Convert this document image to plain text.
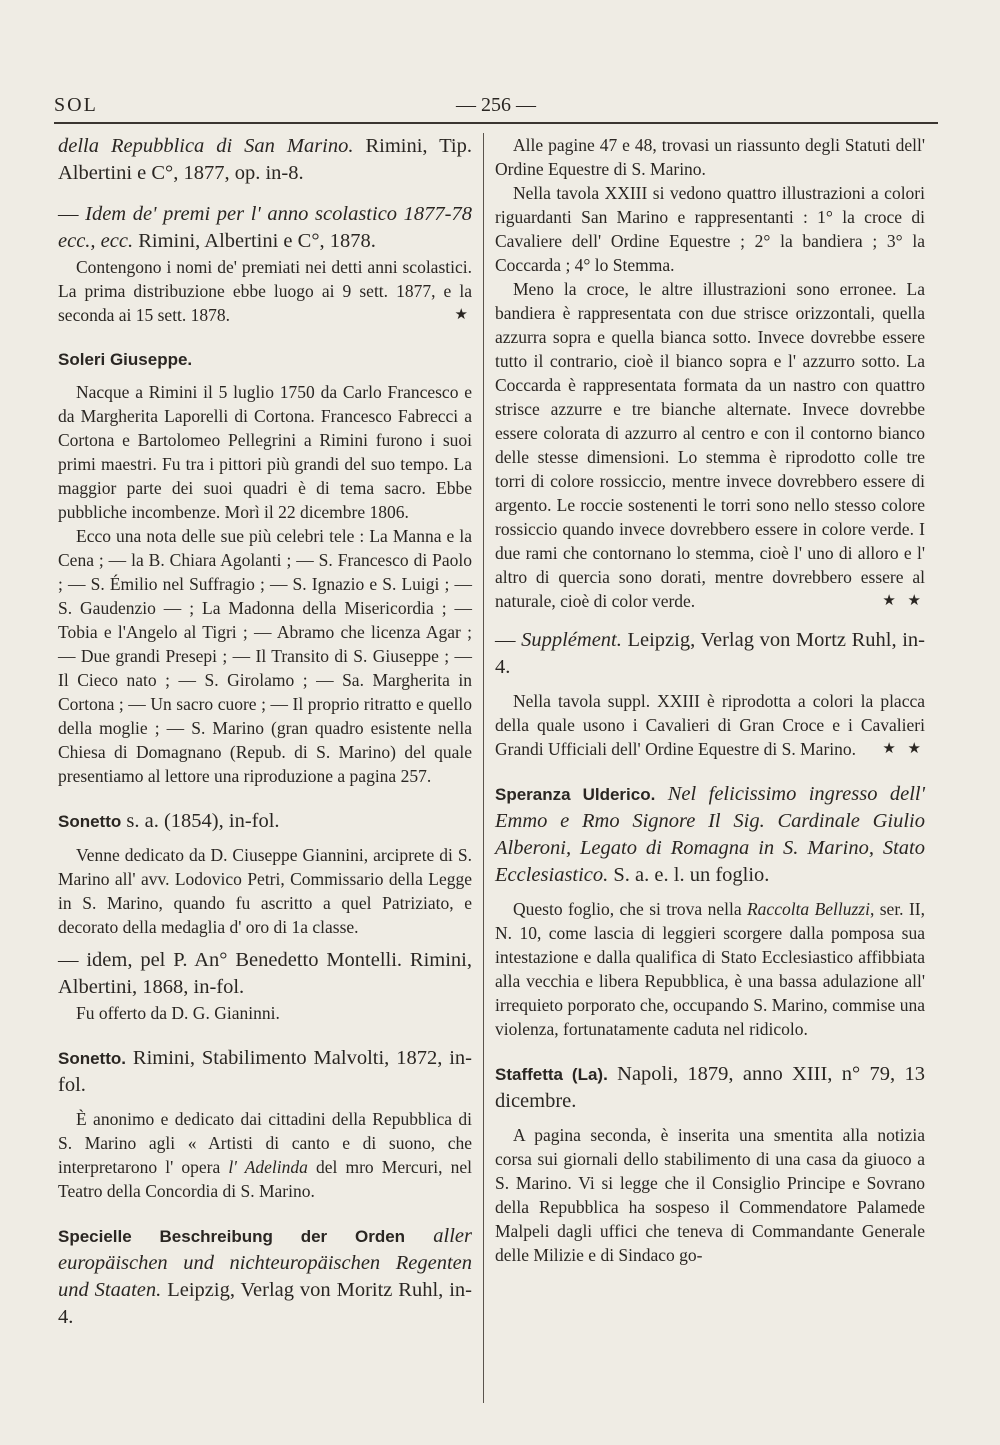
SOL	— 256 —

della Repubblica di San Marino. Rimini, Tip. Albertini e C°, 1877, op. in-8.

— Idem de' premi per l' anno scolastico 1877-78 ecc., ecc. Rimini, Albertini e C°, 1878.

Contengono i nomi de' premiati nei detti anni scolastici. La prima distribuzione ebbe luogo ai 9 sett. 1877, e la seconda ai 15 sett. 1878.	★

Soleri Giuseppe.

Nacque a Rimini il 5 luglio 1750 da Carlo Francesco e da Margherita Laporelli di Cortona. Francesco Fabrecci a Cortona e Bartolomeo Pellegrini a Rimini furono i suoi primi maestri. Fu tra i pittori più grandi del suo tempo. La maggior parte dei suoi quadri è di tema sacro. Ebbe pubbliche incombenze. Morì il 22 dicembre 1806.

Ecco una nota delle sue più celebri tele : La Manna e la Cena ; — la B. Chiara Agolanti ; — S. Francesco di Paolo ; — S. Émilio nel Suffragio ; — S. Ignazio e S. Luigi ; — S. Gaudenzio — ; La Madonna della Misericordia ; — Tobia e l'Angelo al Tigri ; — Abramo che licenza Agar ; — Due grandi Presepi ; — Il Transito di S. Giuseppe ; — Il Cieco nato ; — S. Girolamo ; — Sa. Margherita in Cortona ; — Un sacro cuore ; — Il proprio ritratto e quello della moglie ; — S. Marino (gran quadro esistente nella Chiesa di Domagnano (Repub. di S. Marino) del quale presentiamo al lettore una riproduzione a pagina 257.

Sonetto s. a. (1854), in-fol.

Venne dedicato da D. Ciuseppe Giannini, arciprete di S. Marino all' avv. Lodovico Petri, Commissario della Legge in S. Marino, quando fu ascritto a quel Patriziato, e decorato della medaglia d' oro di 1a classe.

— idem, pel P. An° Benedetto Montelli. Rimini, Albertini, 1868, in-fol.

Fu offerto da D. G. Gianinni.

Sonetto. Rimini, Stabilimento Malvolti, 1872, in-fol.

È anonimo e dedicato dai cittadini della Repubblica di S. Marino agli « Artisti di canto e di suono, che interpretarono l' opera l' Adelinda del mro Mercuri, nel Teatro della Concordia di S. Marino.

Specielle Beschreibung der Orden aller europäischen und nichteuropäischen Regenten und Staaten. Leipzig, Verlag von Moritz Ruhl, in-4.

Alle pagine 47 e 48, trovasi un riassunto degli Statuti dell' Ordine Equestre di S. Marino.

Nella tavola XXIII si vedono quattro illustrazioni a colori riguardanti San Marino e rappresentanti : 1° la croce di Cavaliere dell' Ordine Equestre ; 2° la bandiera ; 3° la Coccarda ; 4° lo Stemma.

Meno la croce, le altre illustrazioni sono erronee. La bandiera è rappresentata con due strisce orizzontali, quella azzurra sopra e quella bianca sotto. Invece dovrebbe essere tutto il contrario, cioè il bianco sopra e l' azzurro sotto. La Coccarda è rappresentata formata da un nastro con quattro strisce azzurre e tre bianche alternate. Invece dovrebbe essere colorata di azzurro al centro e con il contorno bianco delle stesse dimensioni. Lo stemma è riprodotto colle tre torri di colore rossiccio, mentre invece dovrebbero essere di argento. Le roccie sostenenti le torri sono nello stesso colore rossiccio quando invece dovrebbero essere in colore verde. I due rami che contornano lo stemma, cioè l' uno di alloro e l' altro di quercia sono dorati, mentre dovrebbero essere al naturale, cioè di color verde.	★ ★

— Supplément. Leipzig, Verlag von Mortz Ruhl, in-4.

Nella tavola suppl. XXIII è riprodotta a colori la placca della quale usono i Cavalieri di Gran Croce e i Cavalieri Grandi Ufficiali dell' Ordine Equestre di S. Marino.	★ ★

Speranza Ulderico. Nel felicissimo ingresso dell' Emmo e Rmo Signore Il Sig. Cardinale Giulio Alberoni, Legato di Romagna in S. Marino, Stato Ecclesiastico. S. a. e. l. un foglio.

Questo foglio, che si trova nella Raccolta Belluzzi, ser. II, N. 10, come lascia di leggieri scorgere dalla pomposa sua intestazione e dalla qualifica di Stato Ecclesiastico affibbiata alla vecchia e libera Repubblica, è una bassa adulazione all' irrequieto porporato che, occupando S. Marino, commise una violenza, fortunatamente caduta nel ridicolo.

Staffetta (La). Napoli, 1879, anno XIII, n° 79, 13 dicembre.

A pagina seconda, è inserita una smentita alla notizia corsa sui giornali dello stabilimento di una casa da giuoco a S. Marino. Vi si legge che il Consiglio Principe e Sovrano della Repubblica ha sospeso il Commendatore Palamede Malpeli dagli uffici che teneva di Commandante Generale delle Milizie e di Sindaco go-
